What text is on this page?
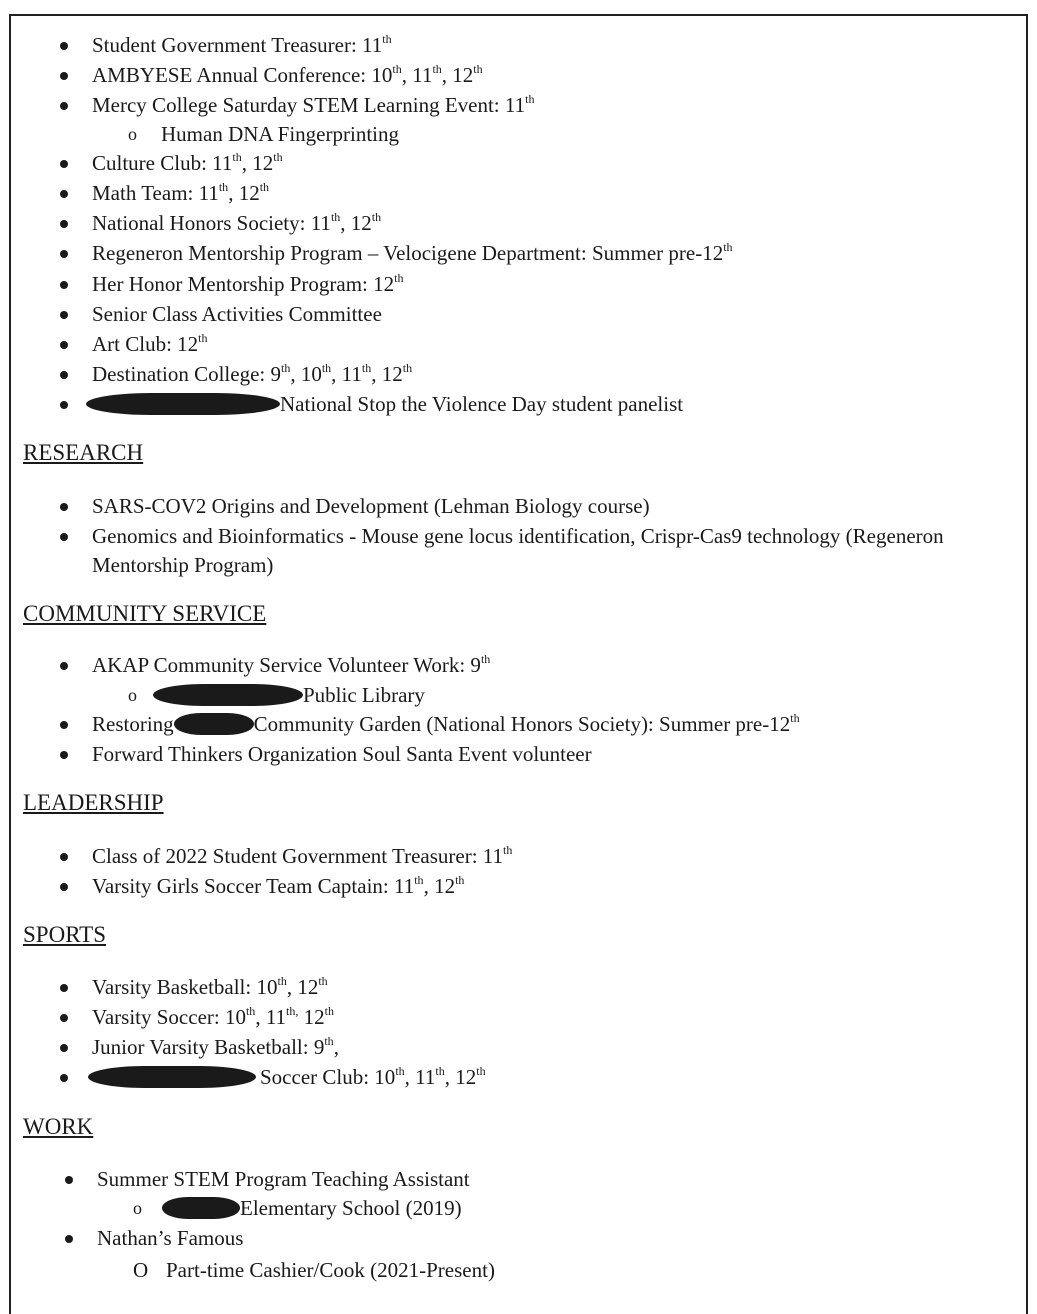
Student Government Treasurer: 11th
AMBYESE Annual Conference: 10th, 11th, 12th
Mercy College Saturday STEM Learning Event: 11th
o Human DNA Fingerprinting
Culture Club: 11th, 12th
Math Team: 11th, 12th
National Honors Society: 11th, 12th
Regeneron Mentorship Program – Velocigene Department: Summer pre-12th
Her Honor Mentorship Program: 12th
Senior Class Activities Committee
Art Club: 12th
Destination College: 9th, 10th, 11th, 12th
National Stop the Violence Day student panelist
RESEARCH
SARS-COV2 Origins and Development (Lehman Biology course)
Genomics and Bioinformatics - Mouse gene locus identification, Crispr-Cas9 technology (Regeneron
Mentorship Program)
COMMUNITY SERVICE
AKAP Community Service Volunteer Work: 9th
o	Public Library
Restoring	Community Garden (National Honors Society): Summer pre-12th
Forward Thinkers Organization Soul Santa Event volunteer
LEADERSHIP
Class of 2022 Student Government Treasurer: 11th
Varsity Girls Soccer Team Captain: 11th, 12th
SPORTS
Varsity Basketball: 10th, 12th
Varsity Soccer: 10th, $11^{th,}$ 12th
Junior Varsity Basketball: 9th,
Soccer Club: 10th, 11th, 12th
WORK
Summer STEM Program Teaching Assistant
o	Elementary School (2019)
Nathan’s Famous
O Part-time Cashier/Cook (2021-Present)
